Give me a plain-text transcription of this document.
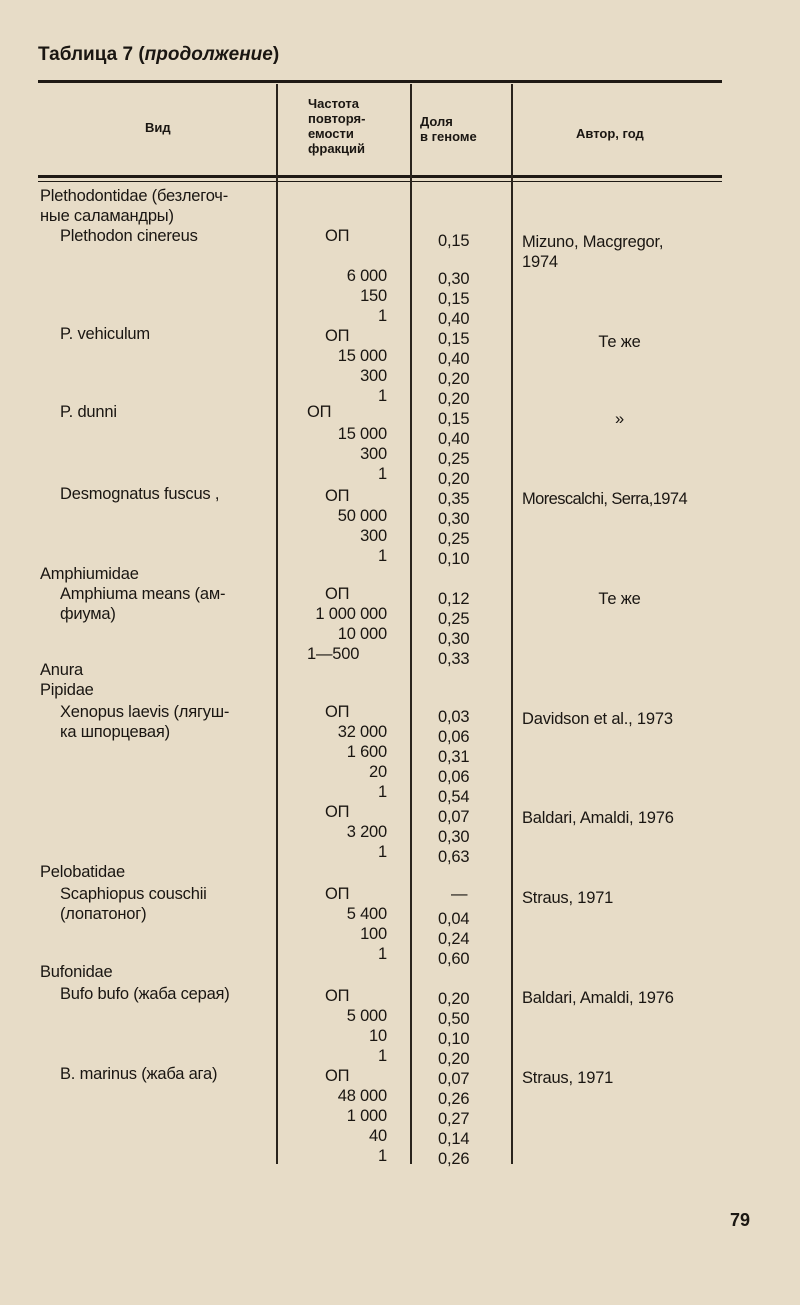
Таблица 7 (продолжение)
Вид
Частота
повторя-
емости
фракций
Доля
в геноме	Автор, год
Plethodontidae (безлегоч-
ные саламандры)
Plethodon cinereus
P. vehiculum
P. dunni
Desmognatus fuscus ,
Amphiumidae
Amphiuma means (ам-
фиума)
Anura
Pipidae
Xenopus laevis (лягуш-
ка шпорцевая)
Pelobatidae
Scaphiopus couschii
(лопатоног)
Bufonidae
Bufo bufo (жаба серая)
B. marinus (жаба ага)
ОП
6 000
150
1
ОП
15 000
300
1
ОП
15 000
300
1
ОП
50 000
300
1
ОП
1 000 000
10 000
1—500
ОП
32 000
1 600
20
1
ОП
3 200
1
ОП
5 400
100
1
ОП
5 000
10
1
ОП
48 000
1 000
40
1
0,15
0,30
0,15
0,40
0,15
0,40
0,20
0,20
0,15
0,40
0,25
0,20
0,35
0,30
0,25
0,10
0,12
0,25
0,30
0,33
0,03
0,06
0,31
0,06
0,54
0,07
0,30
0,63
—
0,04
0,24
0,60
0,20
0,50
0,10
0,20
0,07
0,26
0,27
0,14
0,26
Mizuno, Macgregor,
1974
Те же
»
Morescalchi, Serra,1974
Те же
Davidson et al., 1973
Baldari, Amaldi, 1976
Straus, 1971
Baldari, Amaldi, 1976
Straus, 1971
79
